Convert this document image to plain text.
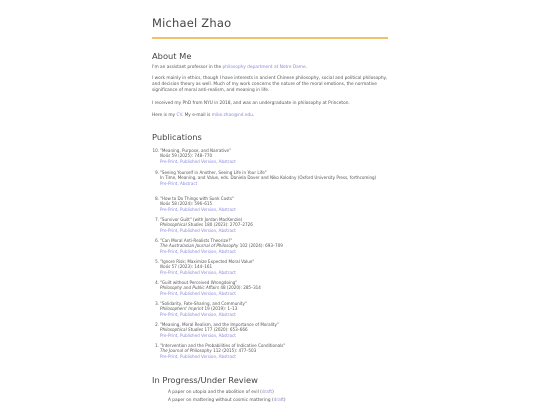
Michael Zhao
About Me

I'm an assistant professor in the philosophy department at Notre Dame.

I work mainly in ethics, though I have interests in ancient Chinese philosophy, social and political philosophy, and decision theory as well. Much of my work concerns the nature of the moral emotions, the normative significance of moral anti-realism, and meaning in life.

I received my PhD from NYU in 2018, and was an undergraduate in philosophy at Princeton.

Here is my CV. My e-mail is mike.zhao@nd.edu.

Publications
10. "Meaning, Purpose, and Narrative"
Noûs 59 (2025): 748–770
Pre-Print, Published Version, Abstract
9. "Seeing Yourself in Another, Seeing Life in Your Life"
In Time, Meaning, and Value, eds. Daniela Dover and Niko Kolodny (Oxford University Press, forthcoming)
Pre-Print, Abstract
8. "How to Do Things with Sunk Costs"
Noûs 58 (2024): 596–615
Pre-Print, Published Version, Abstract
7. "Survivor Guilt" (with Jordan MacKenzie)
Philosophical Studies 180 (2023): 2707–2726
Pre-Print, Published Version, Abstract
6. "Can Moral Anti-Realists Theorize?"
The Australasian Journal of Philosophy 102 (2024): 693–709
Pre-Print, Published Version, Abstract
5. "Ignore Risk; Maximize Expected Moral Value"
Noûs 57 (2023): 144–161
Pre-Print, Published Version, Abstract
4. "Guilt without Perceived Wrongdoing"
Philosophy and Public Affairs 48 (2020): 285–314
Pre-Print, Published Version, Abstract
3. "Solidarity, Fate-Sharing, and Community"
Philosophers' Imprint 19 (2019): 1–13
Pre-Print, Published Version, Abstract
2. "Meaning, Moral Realism, and the Importance of Morality"
Philosophical Studies 177 (2020): 653–666
Pre-Print, Published Version, Abstract
1. "Intervention and the Probabilities of Indicative Conditionals"
The Journal of Philosophy 112 (2015): 477–503
Pre-Print, Published Version, Abstract
In Progress/Under Review
A paper on utopia and the abolition of evil (draft)
A paper on mattering without cosmic mattering (draft)
